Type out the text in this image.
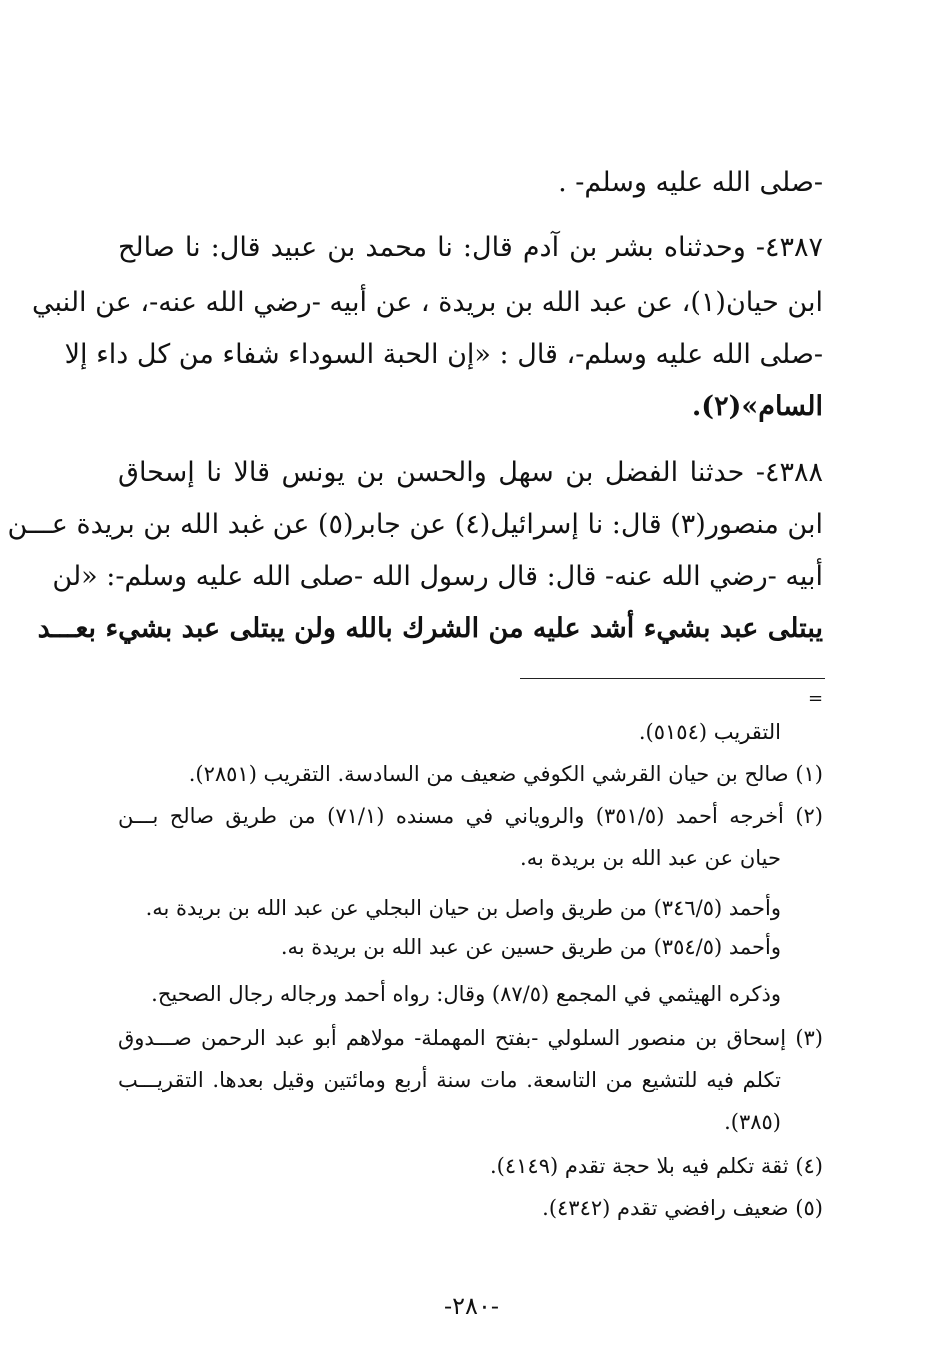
-صلى الله عليه وسلم- .
٤٣٨٧- وحدثناه بشر بن آدم قال: نا محمد بن عبيد قال: نا صالح
ابن حيان(١)، عن عبد الله بن بريدة ، عن أبيه -رضي الله عنه-، عن النبي
-صلى الله عليه وسلم-، قال : «إن الحبة السوداء شفاء من كل داء إلا
السام»(٢).
٤٣٨٨- حدثنا الفضل بن سهل والحسن بن يونس قالا نا إسحاق
ابن منصور(٣) قال: نا إسرائيل(٤) عن جابر(٥) عن غبد الله بن بريدة عـــن
أبيه -رضي الله عنه- قال: قال رسول الله -صلى الله عليه وسلم-: «لن
يبتلى عبد بشيء أشد عليه من الشرك بالله ولن يبتلى عبد بشيء بعـــد
=
التقريب (٥١٥٤).
(١) صالح بن حيان القرشي الكوفي ضعيف من السادسة. التقريب (٢٨٥١).
(٢) أخرجه أحمد (٣٥١/٥) والروياني في مسنده (٧١/١) من طريق صالح بـــن
حيان عن عبد الله بن بريدة به.
وأحمد (٣٤٦/٥) من طريق واصل بن حيان البجلي عن عبد الله بن بريدة به.
وأحمد (٣٥٤/٥) من طريق حسين عن عبد الله بن بريدة به.
وذكره الهيثمي في المجمع (٨٧/٥) وقال: رواه أحمد ورجاله رجال الصحيح.
(٣) إسحاق بن منصور السلولي -بفتح المهملة- مولاهم أبو عبد الرحمن صـــدوق
تكلم فيه للتشيع من التاسعة. مات سنة أربع ومائتين وقيل بعدها. التقريـــب
(٣٨٥).
(٤) ثقة تكلم فيه بلا حجة تقدم (٤١٤٩).
(٥) ضعيف رافضي تقدم (٤٣٤٢).
-٢٨٠-
